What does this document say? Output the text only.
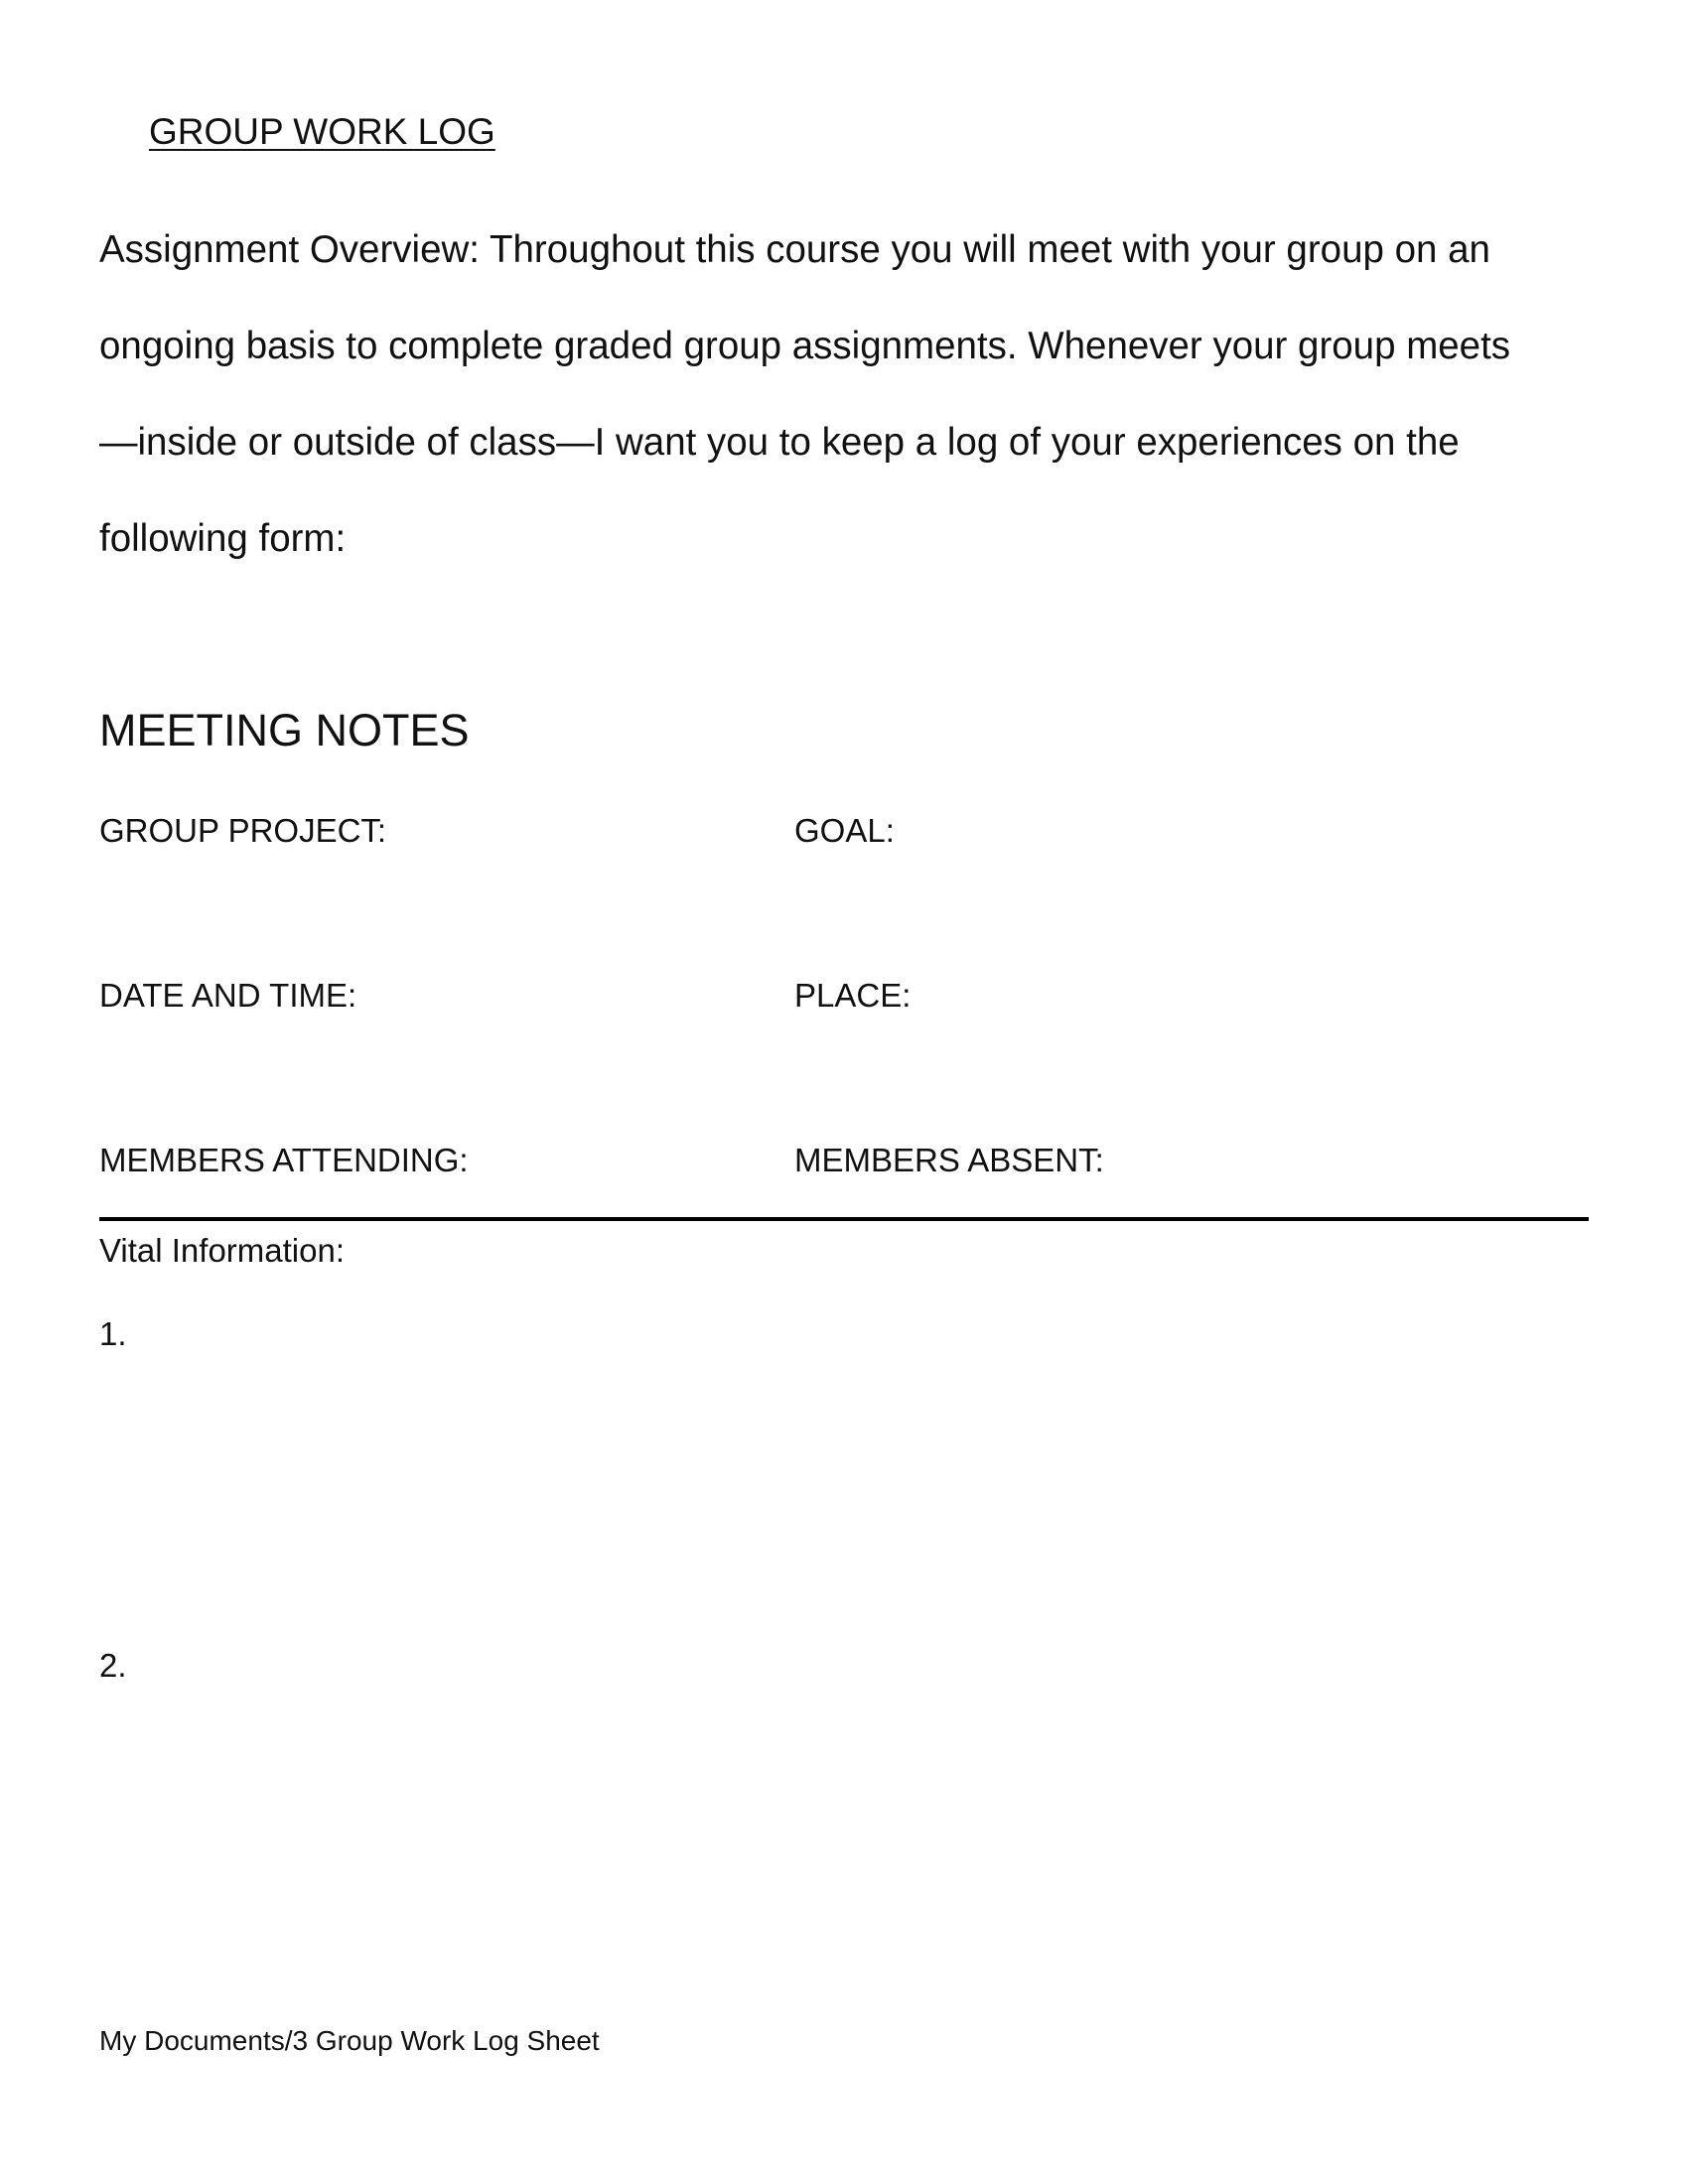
GROUP WORK LOG
Assignment Overview: Throughout this course you will meet with your group on an
ongoing basis to complete graded group assignments. Whenever your group meets
—inside or outside of class—I want you to keep a log of your experiences on the
following form:
MEETING NOTES
GROUP PROJECT:	GOAL:
DATE AND TIME:	PLACE:
MEMBERS ATTENDING:	MEMBERS ABSENT:
Vital Information:
1.
2.
My Documents/3 Group Work Log Sheet
